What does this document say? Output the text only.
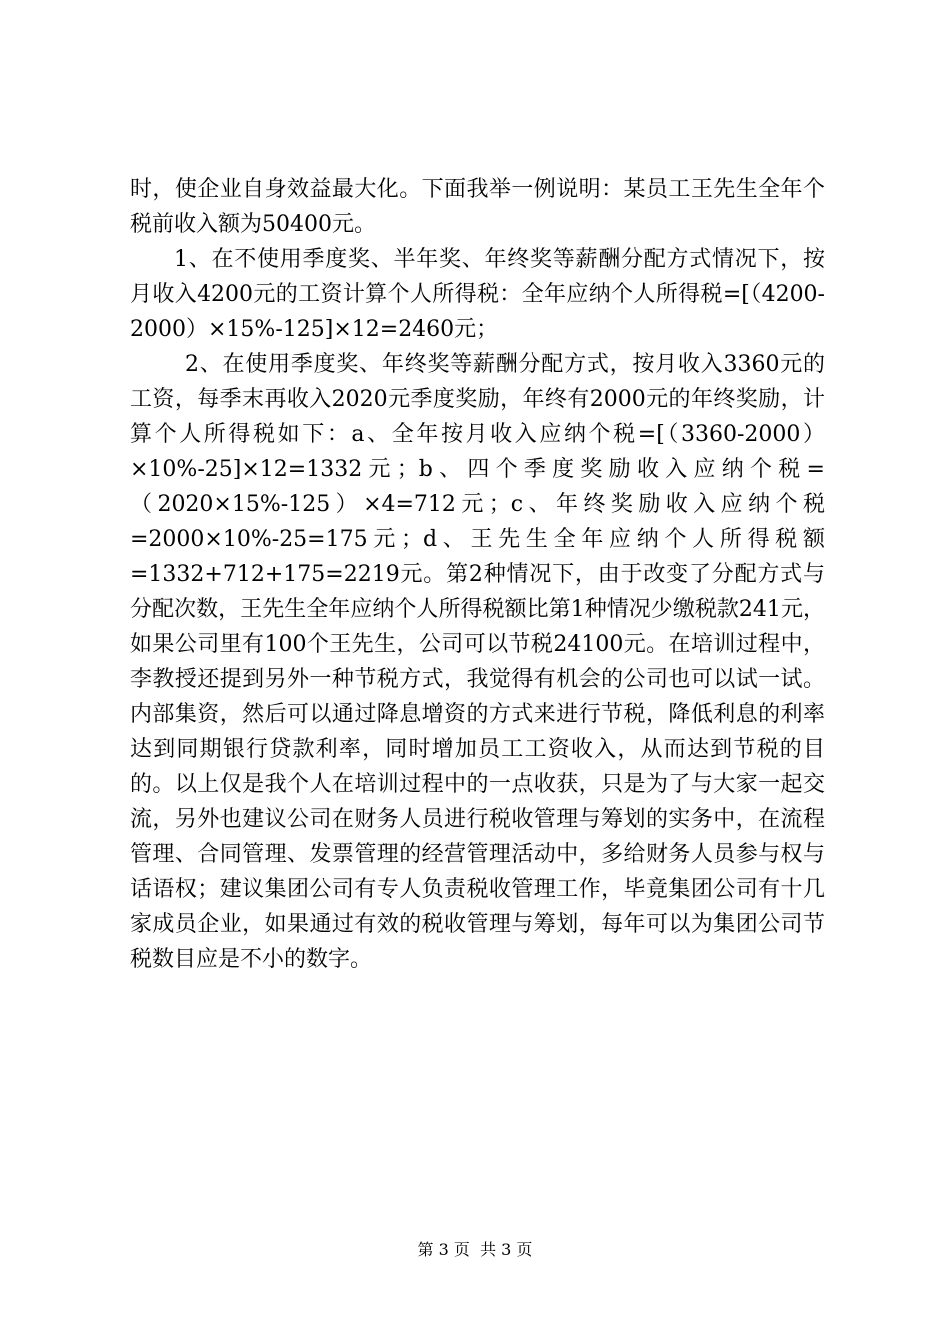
时，使企业自身效益最大化。下面我举一例说明：某员工王先生全年个税前收入额为50400元。

1、在不使用季度奖、半年奖、年终奖等薪酬分配方式情况下，按月收入4200元的工资计算个人所得税：全年应纳个人所得税=[（4200-2000）×15%-125]×12=2460元；

2、在使用季度奖、年终奖等薪酬分配方式，按月收入3360元的工资，每季末再收入2020元季度奖励，年终有2000元的年终奖励，计算个人所得税如下：a、全年按月收入应纳个税=[（3360-2000）×10%-25]×12=1332元；b、四个季度奖励收入应纳个税=（2020×15%-125）×4=712元；c、年终奖励收入应纳个税=2000×10%-25=175元；d、王先生全年应纳个人所得税额=1332+712+175=2219元。第2种情况下，由于改变了分配方式与分配次数，王先生全年应纳个人所得税额比第1种情况少缴税款241元，如果公司里有100个王先生，公司可以节税24100元。在培训过程中，李教授还提到另外一种节税方式，我觉得有机会的公司也可以试一试。内部集资，然后可以通过降息增资的方式来进行节税，降低利息的利率达到同期银行贷款利率，同时增加员工工资收入，从而达到节税的目的。以上仅是我个人在培训过程中的一点收获，只是为了与大家一起交流，另外也建议公司在财务人员进行税收管理与筹划的实务中，在流程管理、合同管理、发票管理的经营管理活动中，多给财务人员参与权与话语权；建议集团公司有专人负责税收管理工作，毕竟集团公司有十几家成员企业，如果通过有效的税收管理与筹划，每年可以为集团公司节税数目应是不小的数字。

第 3 页  共 3 页
